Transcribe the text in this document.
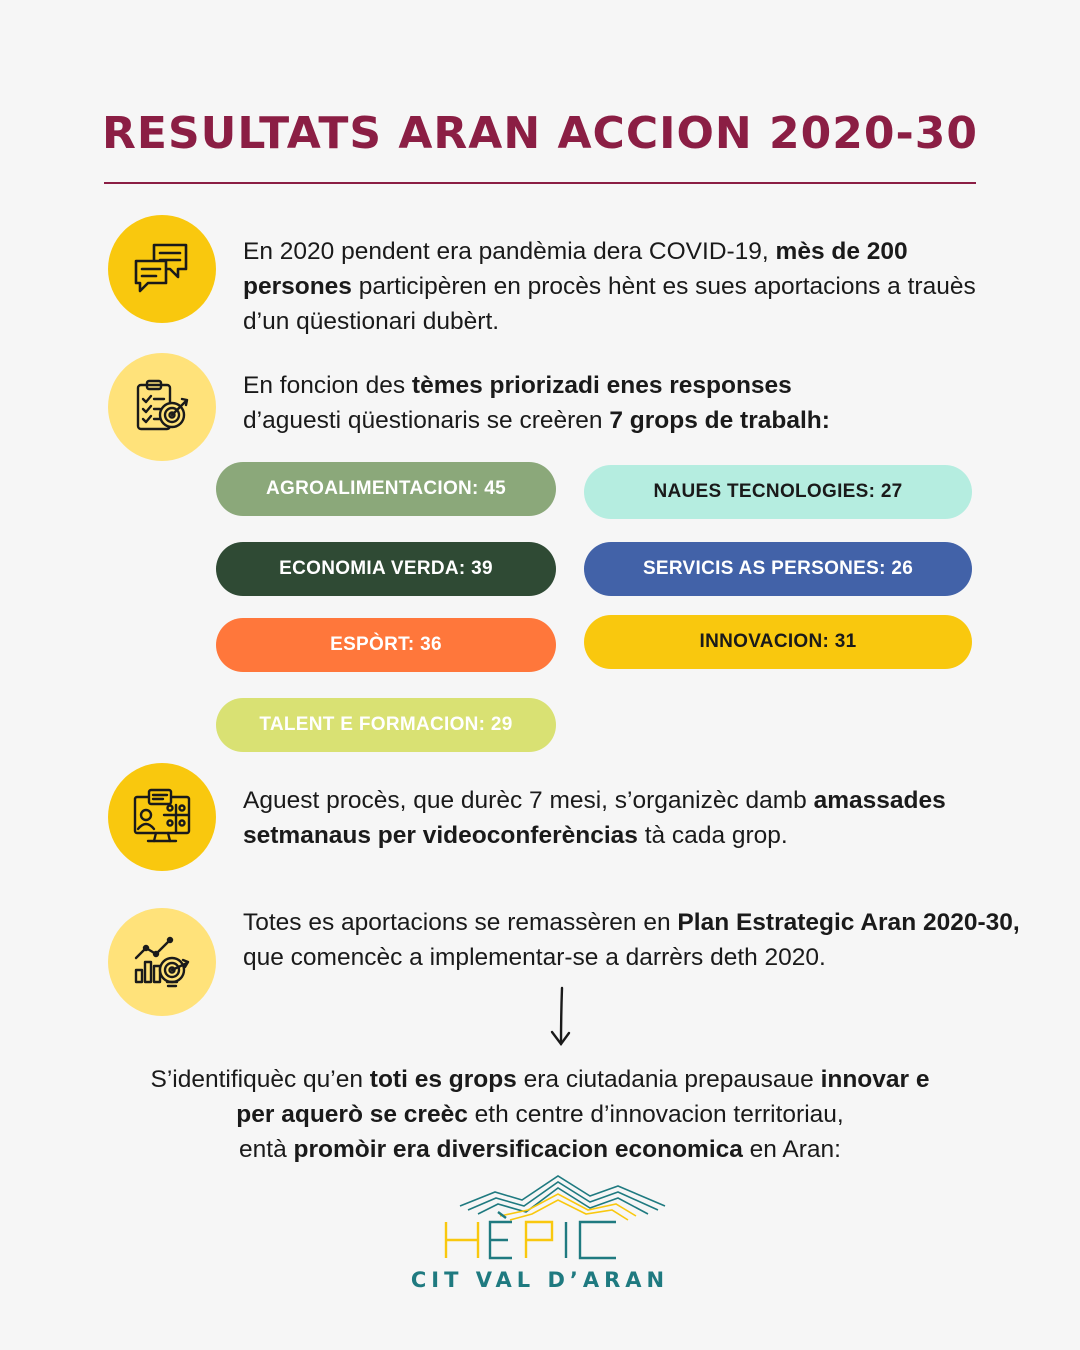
RESULTATS ARAN ACCION 2020-30
En 2020 pendent era pandèmia dera COVID-19, mès de 200 persones participèren en procès hènt es sues aportacions a trauès d’un qüestionari dubèrt.
En foncion des tèmes priorizadi enes responses
d’aguesti qüestionaris se creèren 7 grops de trabalh:
AGROALIMENTACION: 45	NAUES TECNOLOGIES: 27
ECONOMIA VERDA: 39	SERVICIS AS PERSONES: 26
ESPÒRT: 36	INNOVACION: 31
TALENT E FORMACION: 29
Aguest procès, que durèc 7 mesi, s’organizèc damb amassades setmanaus per videoconferèncias tà cada grop.
Totes es aportacions se remassèren en Plan Estrategic Aran 2020-30, que comencèc a implementar-se a darrèrs deth 2020.
S’identifiquèc qu’en toti es grops era ciutadania prepausaue innovar e
per aquerò se creèc eth centre d’innovacion territoriau,
entà promòir era diversificacion economica en Aran:
CIT VAL D’ARAN
